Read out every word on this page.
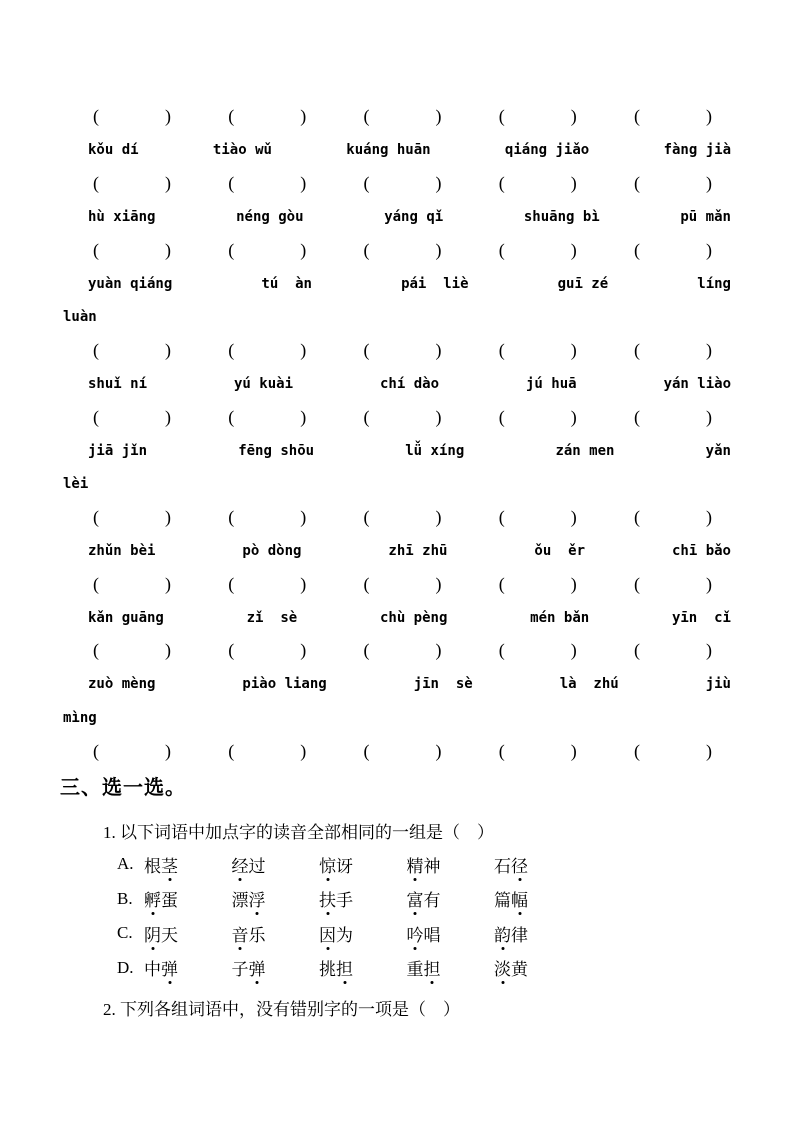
(	)	(	)	(	)	(	)	(	)
kǒu dí	tiào wǔ	kuáng huān	qiáng jiǎo	fàng jià
(	)	(	)	(	)	(	)	(	)
hù xiāng	néng gòu	yáng qǐ	shuāng bì	pū mǎn
(	)	(	)	(	)	(	)	(	)
yuàn qiáng	tú  àn	pái  liè	guī zé	líng
luàn
(	)	(	)	(	)	(	)	(	)
shuǐ ní	yú kuài	chí dào	jú huā	yán liào
(	)	(	)	(	)	(	)	(	)
jiā jǐn	fēng shōu	lǚ xíng	zán men	yǎn
lèi
(	)	(	)	(	)	(	)	(	)
zhǔn bèi	pò dòng	zhī zhū	ǒu  ěr	chī bǎo
(	)	(	)	(	)	(	)	(	)
kǎn guāng	zǐ  sè	chù pèng	mén bǎn	yīn  cǐ
(	)	(	)	(	)	(	)	(	)
zuò mèng	piào liang	jīn  sè	là  zhú	jiù
mìng
(	)	(	)	(	)	(	)	(	)
三、选一选。
1. 以下词语中加点字的读音全部相同的一组是（　）
A. 根茎	经过	惊讶	精神	石径
B. 孵蛋	漂浮	扶手	富有	篇幅
C. 阴天	音乐	因为	吟唱	韵律
D. 中弹	子弹	挑担	重担	淡黄
2. 下列各组词语中，没有错别字的一项是（　）
